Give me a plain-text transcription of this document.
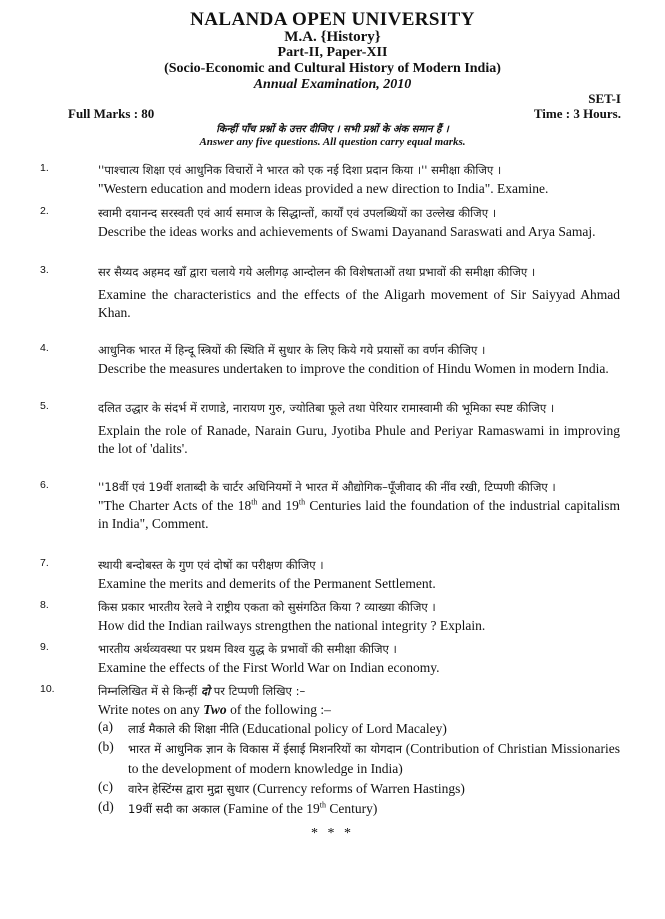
NALANDA OPEN UNIVERSITY
M.A. {History}
Part-II, Paper-XII
(Socio-Economic and Cultural History of Modern India)
Annual Examination, 2010
SET-I
Full Marks : 80	Time : 3 Hours.
किन्हीं पाँच प्रश्नों के उत्तर दीजिए । सभी प्रश्नों के अंक समान हैं ।
Answer any five questions. All question carry equal marks.
1.	''पाश्चात्य शिक्षा एवं आधुनिक विचारों ने भारत को एक नई दिशा प्रदान किया ।'' समीक्षा कीजिए ।
"Western education and modern ideas provided a new direction to India". Examine.
2.	स्वामी दयानन्द सरस्वती एवं आर्य समाज के सिद्धान्तों, कार्यों एवं उपलब्धियों का उल्लेख कीजिए ।
Describe the ideas works and achievements of Swami Dayanand Saraswati and Arya Samaj.
3.	सर सैय्यद अहमद खाँ द्वारा चलाये गये अलीगढ़ आन्दोलन की विशेषताओं तथा प्रभावों की समीक्षा कीजिए ।
Examine the characteristics and the effects of the Aligarh movement of Sir Saiyyad Ahmad Khan.
4.	आधुनिक भारत में हिन्दू स्त्रियों की स्थिति में सुधार के लिए किये गये प्रयासों का वर्णन कीजिए ।
Describe the measures undertaken to improve the condition of Hindu Women in modern India.
5.	दलित उद्धार के संदर्भ में राणाडे, नारायण गुरु, ज्योतिबा फूले तथा पेरियार रामास्वामी की भूमिका स्पष्ट कीजिए ।
Explain the role of Ranade, Narain Guru, Jyotiba Phule and Periyar Ramaswami in improving the lot of 'dalits'.
6.	''18वीं एवं 19वीं शताब्दी के चार्टर अधिनियमों ने भारत में औद्योगिक–पूँजीवाद की नींव रखी, टिप्पणी कीजिए ।
"The Charter Acts of the 18th and 19th Centuries laid the foundation of the industrial capitalism in India", Comment.
7.	स्थायी बन्दोबस्त के गुण एवं दोषों का परीक्षण कीजिए ।
Examine the merits and demerits of the Permanent Settlement.
8.	किस प्रकार भारतीय रेलवे ने राष्ट्रीय एकता को सुसंगठित किया ? व्याख्या कीजिए ।
How did the Indian railways strengthen the national integrity ? Explain.
9.	भारतीय अर्थव्यवस्था पर प्रथम विश्व युद्ध के प्रभावों की समीक्षा कीजिए ।
Examine the effects of the First World War on Indian economy.
10.	निम्नलिखित में से किन्हीं दो पर टिप्पणी लिखिए :–
Write notes on any Two of the following :–
(a) लार्ड मैकाले की शिक्षा नीति (Educational policy of Lord Macaley)
(b) भारत में आधुनिक ज्ञान के विकास में ईसाई मिशनरियों का योगदान (Contribution of Christian Missionaries to the development of modern knowledge in India)
(c) वारेन हेस्टिंग्स द्वारा मुद्रा सुधार (Currency reforms of Warren Hastings)
(d) 19वीं सदी का अकाल (Famine of the 19th Century)
* * *
